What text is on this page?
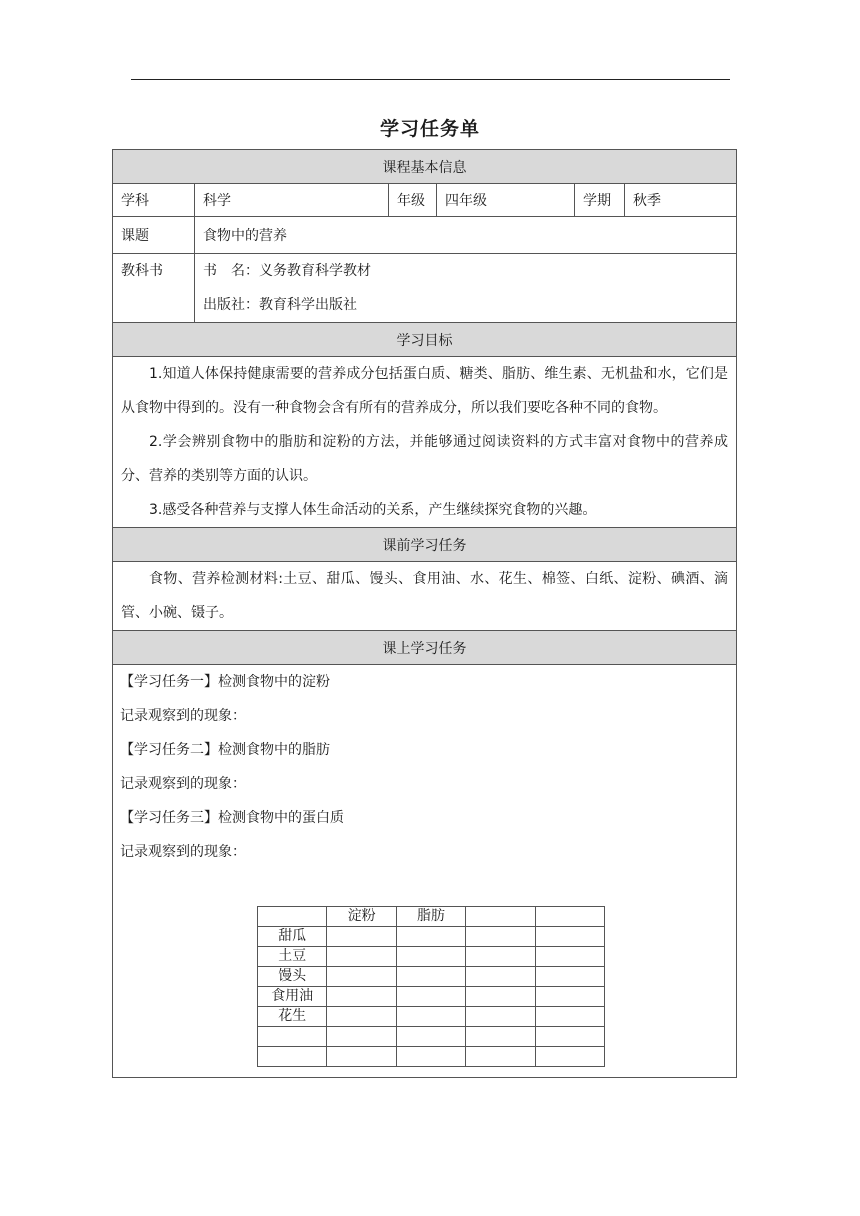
学习任务单
课程基本信息
学科	科学	年级	四年级	学期	秋季
课题	食物中的营养

教科书	书　名：义务教育科学教材

出版社：教育科学出版社

学习目标

1.知道人体保持健康需要的营养成分包括蛋白质、糖类、脂肪、维生素、无机盐和水，它们是从食物中得到的。没有一种食物会含有所有的营养成分，所以我们要吃各种不同的食物。

2.学会辨别食物中的脂肪和淀粉的方法，并能够通过阅读资料的方式丰富对食物中的营养成分、营养的类别等方面的认识。

3.感受各种营养与支撑人体生命活动的关系，产生继续探究食物的兴趣。

课前学习任务

食物、营养检测材料:土豆、甜瓜、馒头、食用油、水、花生、棉签、白纸、淀粉、碘酒、滴管、小碗、镊子。

课上学习任务

【学习任务一】检测食物中的淀粉

记录观察到的现象：

【学习任务二】检测食物中的脂肪

记录观察到的现象：

【学习任务三】检测食物中的蛋白质

记录观察到的现象：

	淀粉	脂肪		
甜瓜				
土豆				
馒头				
食用油				
花生				
